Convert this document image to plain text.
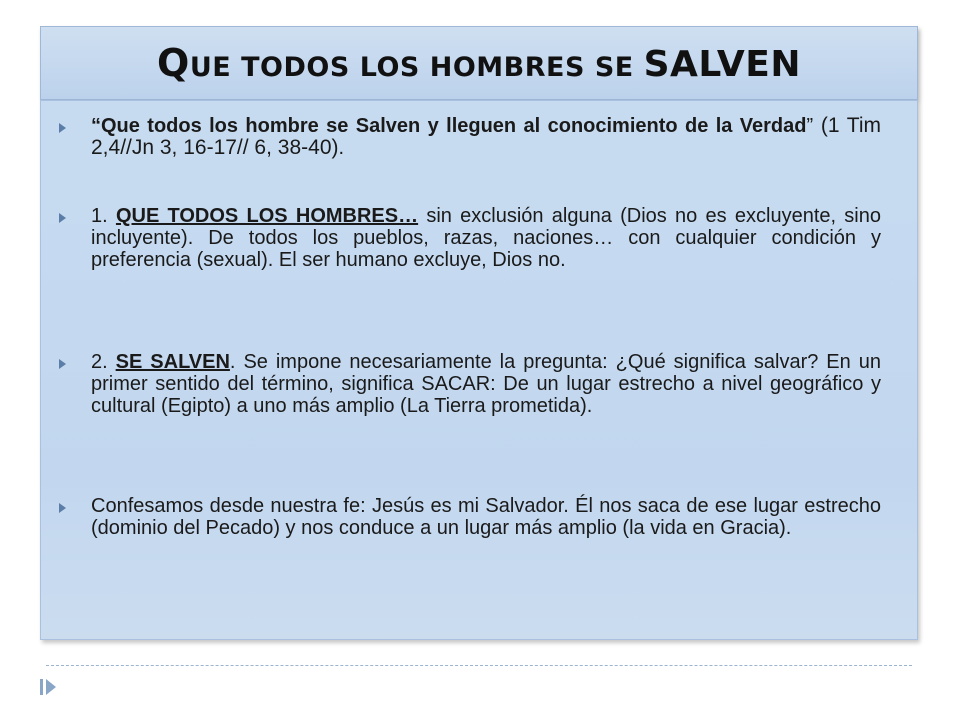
QUE TODOS LOS HOMBRES SE SALVEN
“Que todos los hombre se Salven y lleguen al conocimiento de la Verdad” (1 Tim 2,4//Jn 3, 16-17// 6, 38-40).
1. QUE TODOS LOS HOMBRES… sin exclusión alguna (Dios no es excluyente, sino incluyente). De todos los pueblos, razas, naciones… con cualquier condición y preferencia (sexual). El ser humano excluye, Dios no.
2. SE SALVEN. Se impone necesariamente la pregunta: ¿Qué significa salvar? En un primer sentido del término, significa SACAR: De un lugar estrecho a nivel geográfico y cultural (Egipto) a uno más amplio (La Tierra prometida).
Confesamos desde nuestra fe: Jesús es mi Salvador. Él nos saca de ese lugar estrecho (dominio del Pecado) y nos conduce a un lugar más amplio (la vida en Gracia).
